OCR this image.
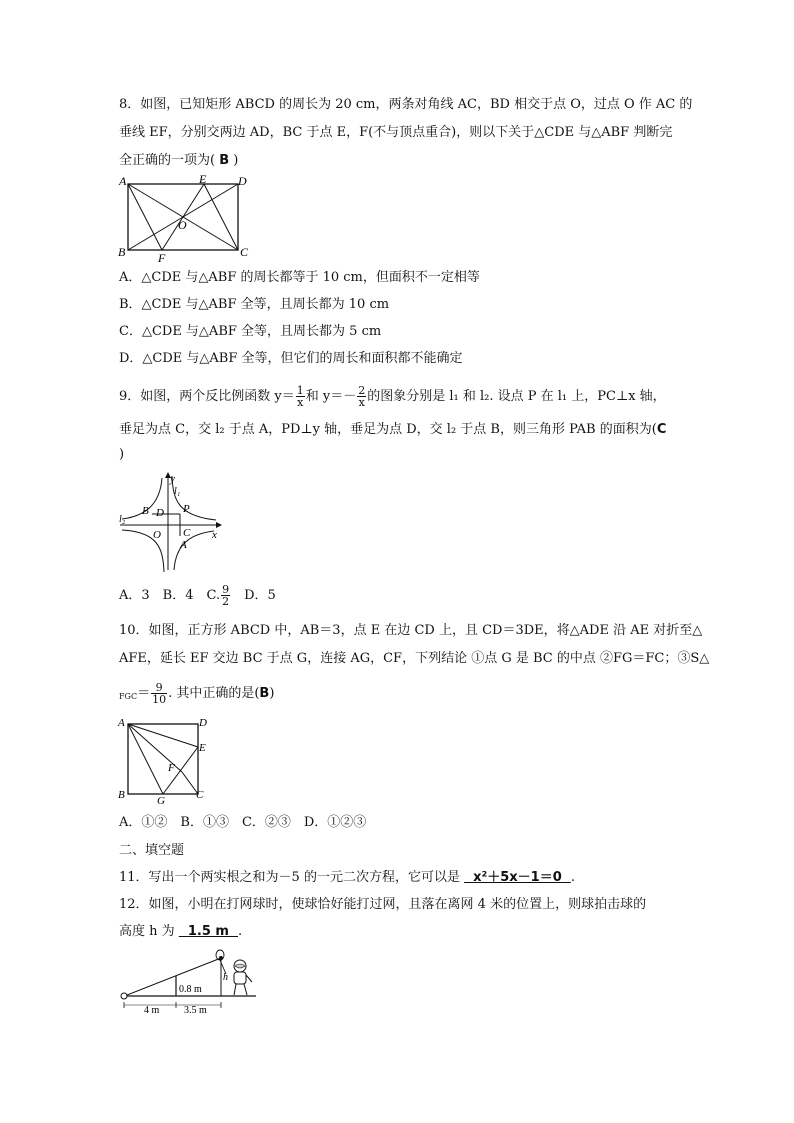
8．如图，已知矩形 ABCD 的周长为 20 cm，两条对角线 AC，BD 相交于点 O，过点 O 作 AC 的
垂线 EF，分别交两边 AD，BC 于点 E，F(不与顶点重合)，则以下关于△CDE 与△ABF 判断完
全正确的一项为( B )
A	E	D
O
B	F	C
A．△CDE 与△ABF 的周长都等于 10 cm，但面积不一定相等
B．△CDE 与△ABF 全等，且周长都为 10 cm
C．△CDE 与△ABF 全等，且周长都为 5 cm
D．△CDE 与△ABF 全等，但它们的周长和面积都不能确定
9．如图，两个反比例函数 $y= \frac{1}{x}$ 和 $y=- \frac{2}{x}$ 的图象分别是 l₁ 和 l₂. 设点 P 在 l₁ 上，PC⊥x 轴，
垂足为点 C，交 l₂ 于点 A，PD⊥y 轴，垂足为点 D，交 l₂ 于点 B，则三角形 PAB 的面积为(C
)
y
l₁
l₂
B D P
O C
A
x
A．3　B．4　C. $\frac{9}{2}$ 　D．5
10．如图，正方形 ABCD 中，AB＝3，点 E 在边 CD 上，且 CD＝3DE，将△ADE 沿 AE 对折至△
AFE，延长 EF 交边 BC 于点 G，连接 AG，CF，下列结论 ①点 G 是 BC 的中点 ②FG＝FC；③S△
$FGC= \frac{9}{10}$ . 其中正确的是(B)
A	D
E
F
B	G	C
A．①②　B．①③　C．②③　D．①②③
二、填空题
11．写出一个两实根之和为－5 的一元二次方程，它可以是 x²＋5x－1＝0 .
12．如图，小明在打网球时，使球恰好能打过网，且落在离网 4 米的位置上，则球拍击球的
高度 h 为 1.5 m .
0.8 m
4 m 3.5 m
h
